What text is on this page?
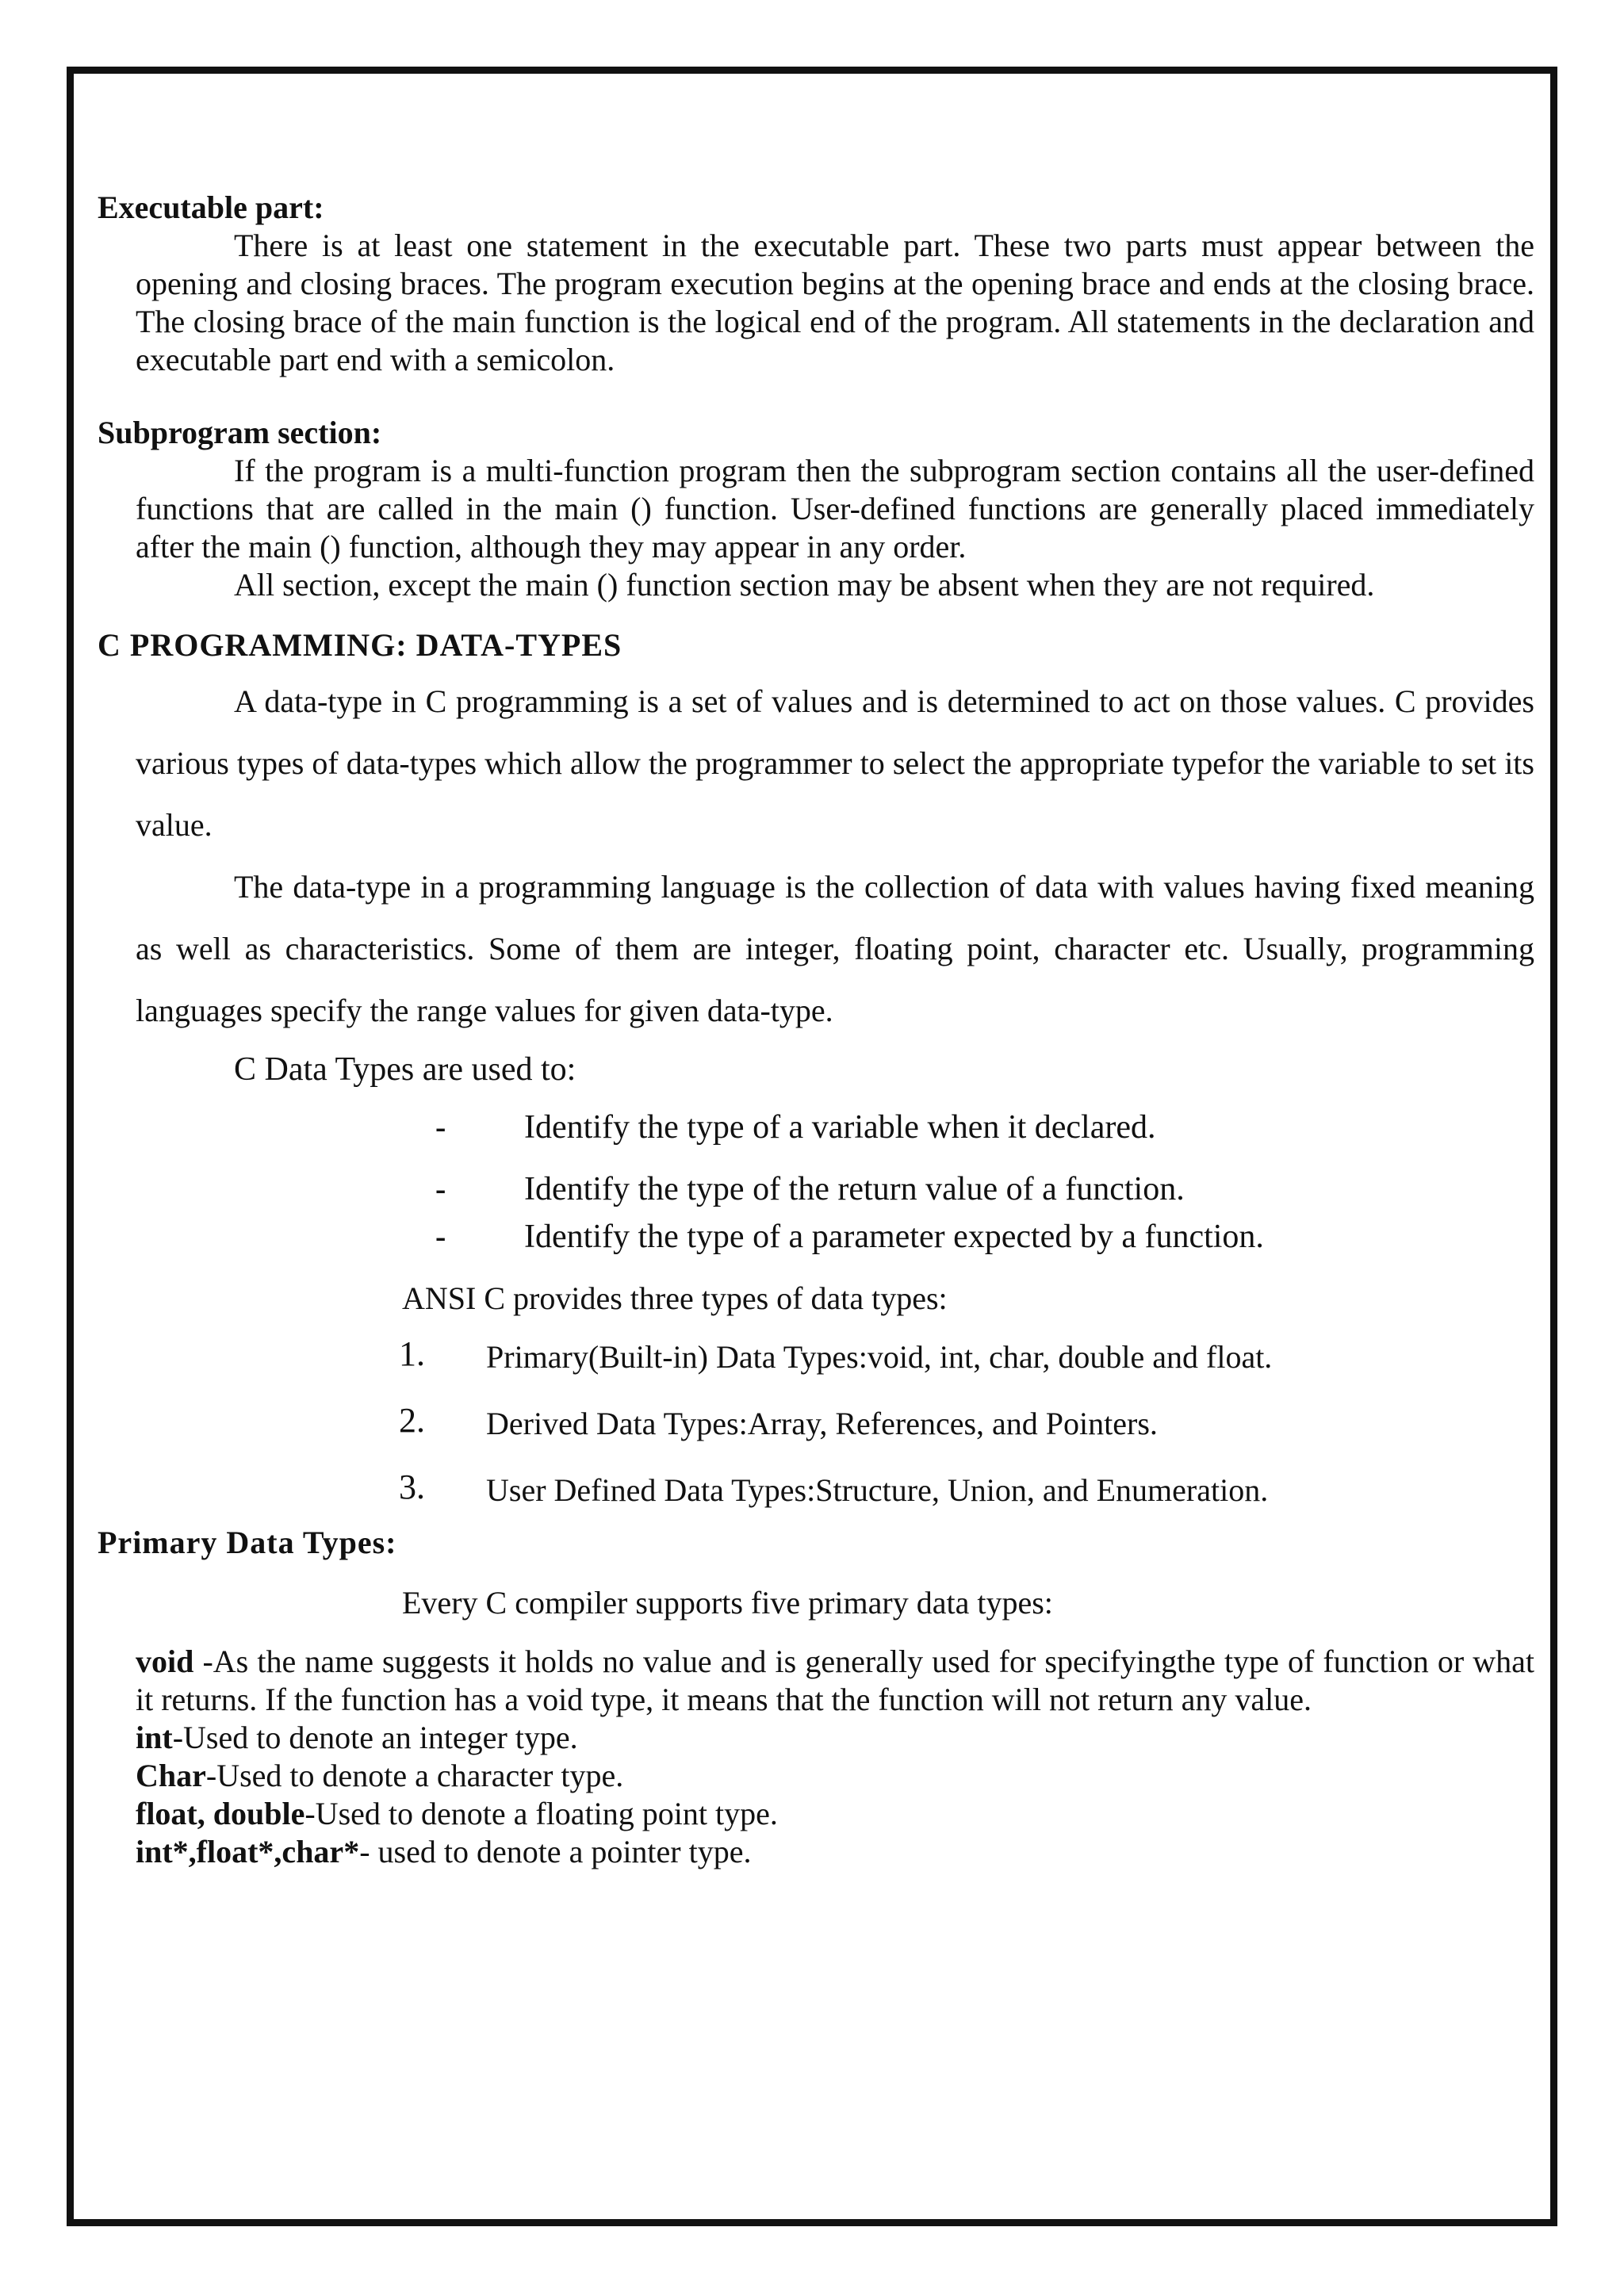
Executable part:

There is at least one statement in the executable part. These two parts must appear between the opening and closing braces. The program execution begins at the opening brace and ends at the closing brace. The closing brace of the main function is the logical end of the program. All statements in the declaration and executable part end with a semicolon.

Subprogram section:

If the program is a multi-function program then the subprogram section contains all the user-defined functions that are called in the main () function. User-defined functions are generally placed immediately after the main () function, although they may appear in any order.

All section, except the main () function section may be absent when they are not required.

C PROGRAMMING: DATA-TYPES

A data-type in C programming is a set of values and is determined to act on those values. C provides various types of data-types which allow the programmer to select the appropriate typefor the variable to set its value.

The data-type in a programming language is the collection of data with values having fixed meaning as well as characteristics. Some of them are integer, floating point, character etc. Usually, programming languages specify the range values for given data-type.

C Data Types are used to:

- Identify the type of a variable when it declared.
- Identify the type of the return value of a function.
- Identify the type of a parameter expected by a function.

ANSI C provides three types of data types:

1. Primary(Built-in) Data Types:void, int, char, double and float.
2. Derived Data Types:Array, References, and Pointers.
3. User Defined Data Types:Structure, Union, and Enumeration.

Primary Data Types:

Every C compiler supports five primary data types:

void -As the name suggests it holds no value and is generally used for specifyingthe type of function or what it returns. If the function has a void type, it means that the function will not return any value.
int-Used to denote an integer type.
Char-Used to denote a character type.
float, double-Used to denote a floating point type.
int*,float*,char*- used to denote a pointer type.
